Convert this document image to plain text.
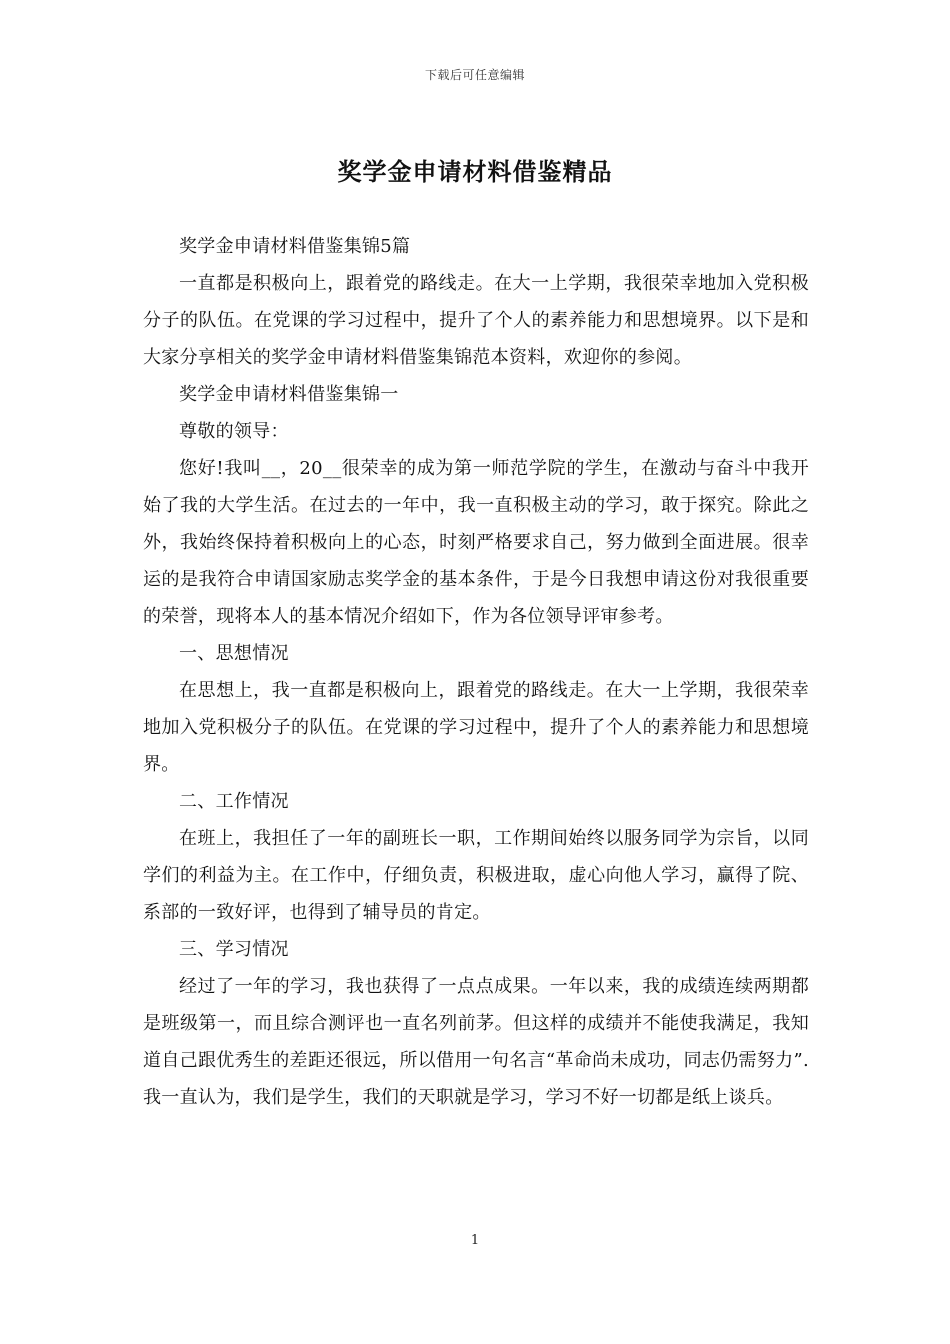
下载后可任意编辑
奖学金申请材料借鉴精品

奖学金申请材料借鉴集锦5篇

一直都是积极向上，跟着党的路线走。在大一上学期，我很荣幸地加入党积极分子的队伍。在党课的学习过程中，提升了个人的素养能力和思想境界。以下是和大家分享相关的奖学金申请材料借鉴集锦范本资料，欢迎你的参阅。

奖学金申请材料借鉴集锦一

尊敬的领导：

您好!我叫__，20__很荣幸的成为第一师范学院的学生，在激动与奋斗中我开始了我的大学生活。在过去的一年中，我一直积极主动的学习，敢于探究。除此之外，我始终保持着积极向上的心态，时刻严格要求自己，努力做到全面进展。很幸运的是我符合申请国家励志奖学金的基本条件，于是今日我想申请这份对我很重要的荣誉，现将本人的基本情况介绍如下，作为各位领导评审参考。

一、思想情况

在思想上，我一直都是积极向上，跟着党的路线走。在大一上学期，我很荣幸地加入党积极分子的队伍。在党课的学习过程中，提升了个人的素养能力和思想境界。

二、工作情况

在班上，我担任了一年的副班长一职，工作期间始终以服务同学为宗旨，以同学们的利益为主。在工作中，仔细负责，积极进取，虚心向他人学习，赢得了院、系部的一致好评，也得到了辅导员的肯定。

三、学习情况

经过了一年的学习，我也获得了一点点成果。一年以来，我的成绩连续两期都是班级第一，而且综合测评也一直名列前茅。但这样的成绩并不能使我满足，我知道自己跟优秀生的差距还很远，所以借用一句名言“革命尚未成功，同志仍需努力”.我一直认为，我们是学生，我们的天职就是学习，学习不好一切都是纸上谈兵。

1
